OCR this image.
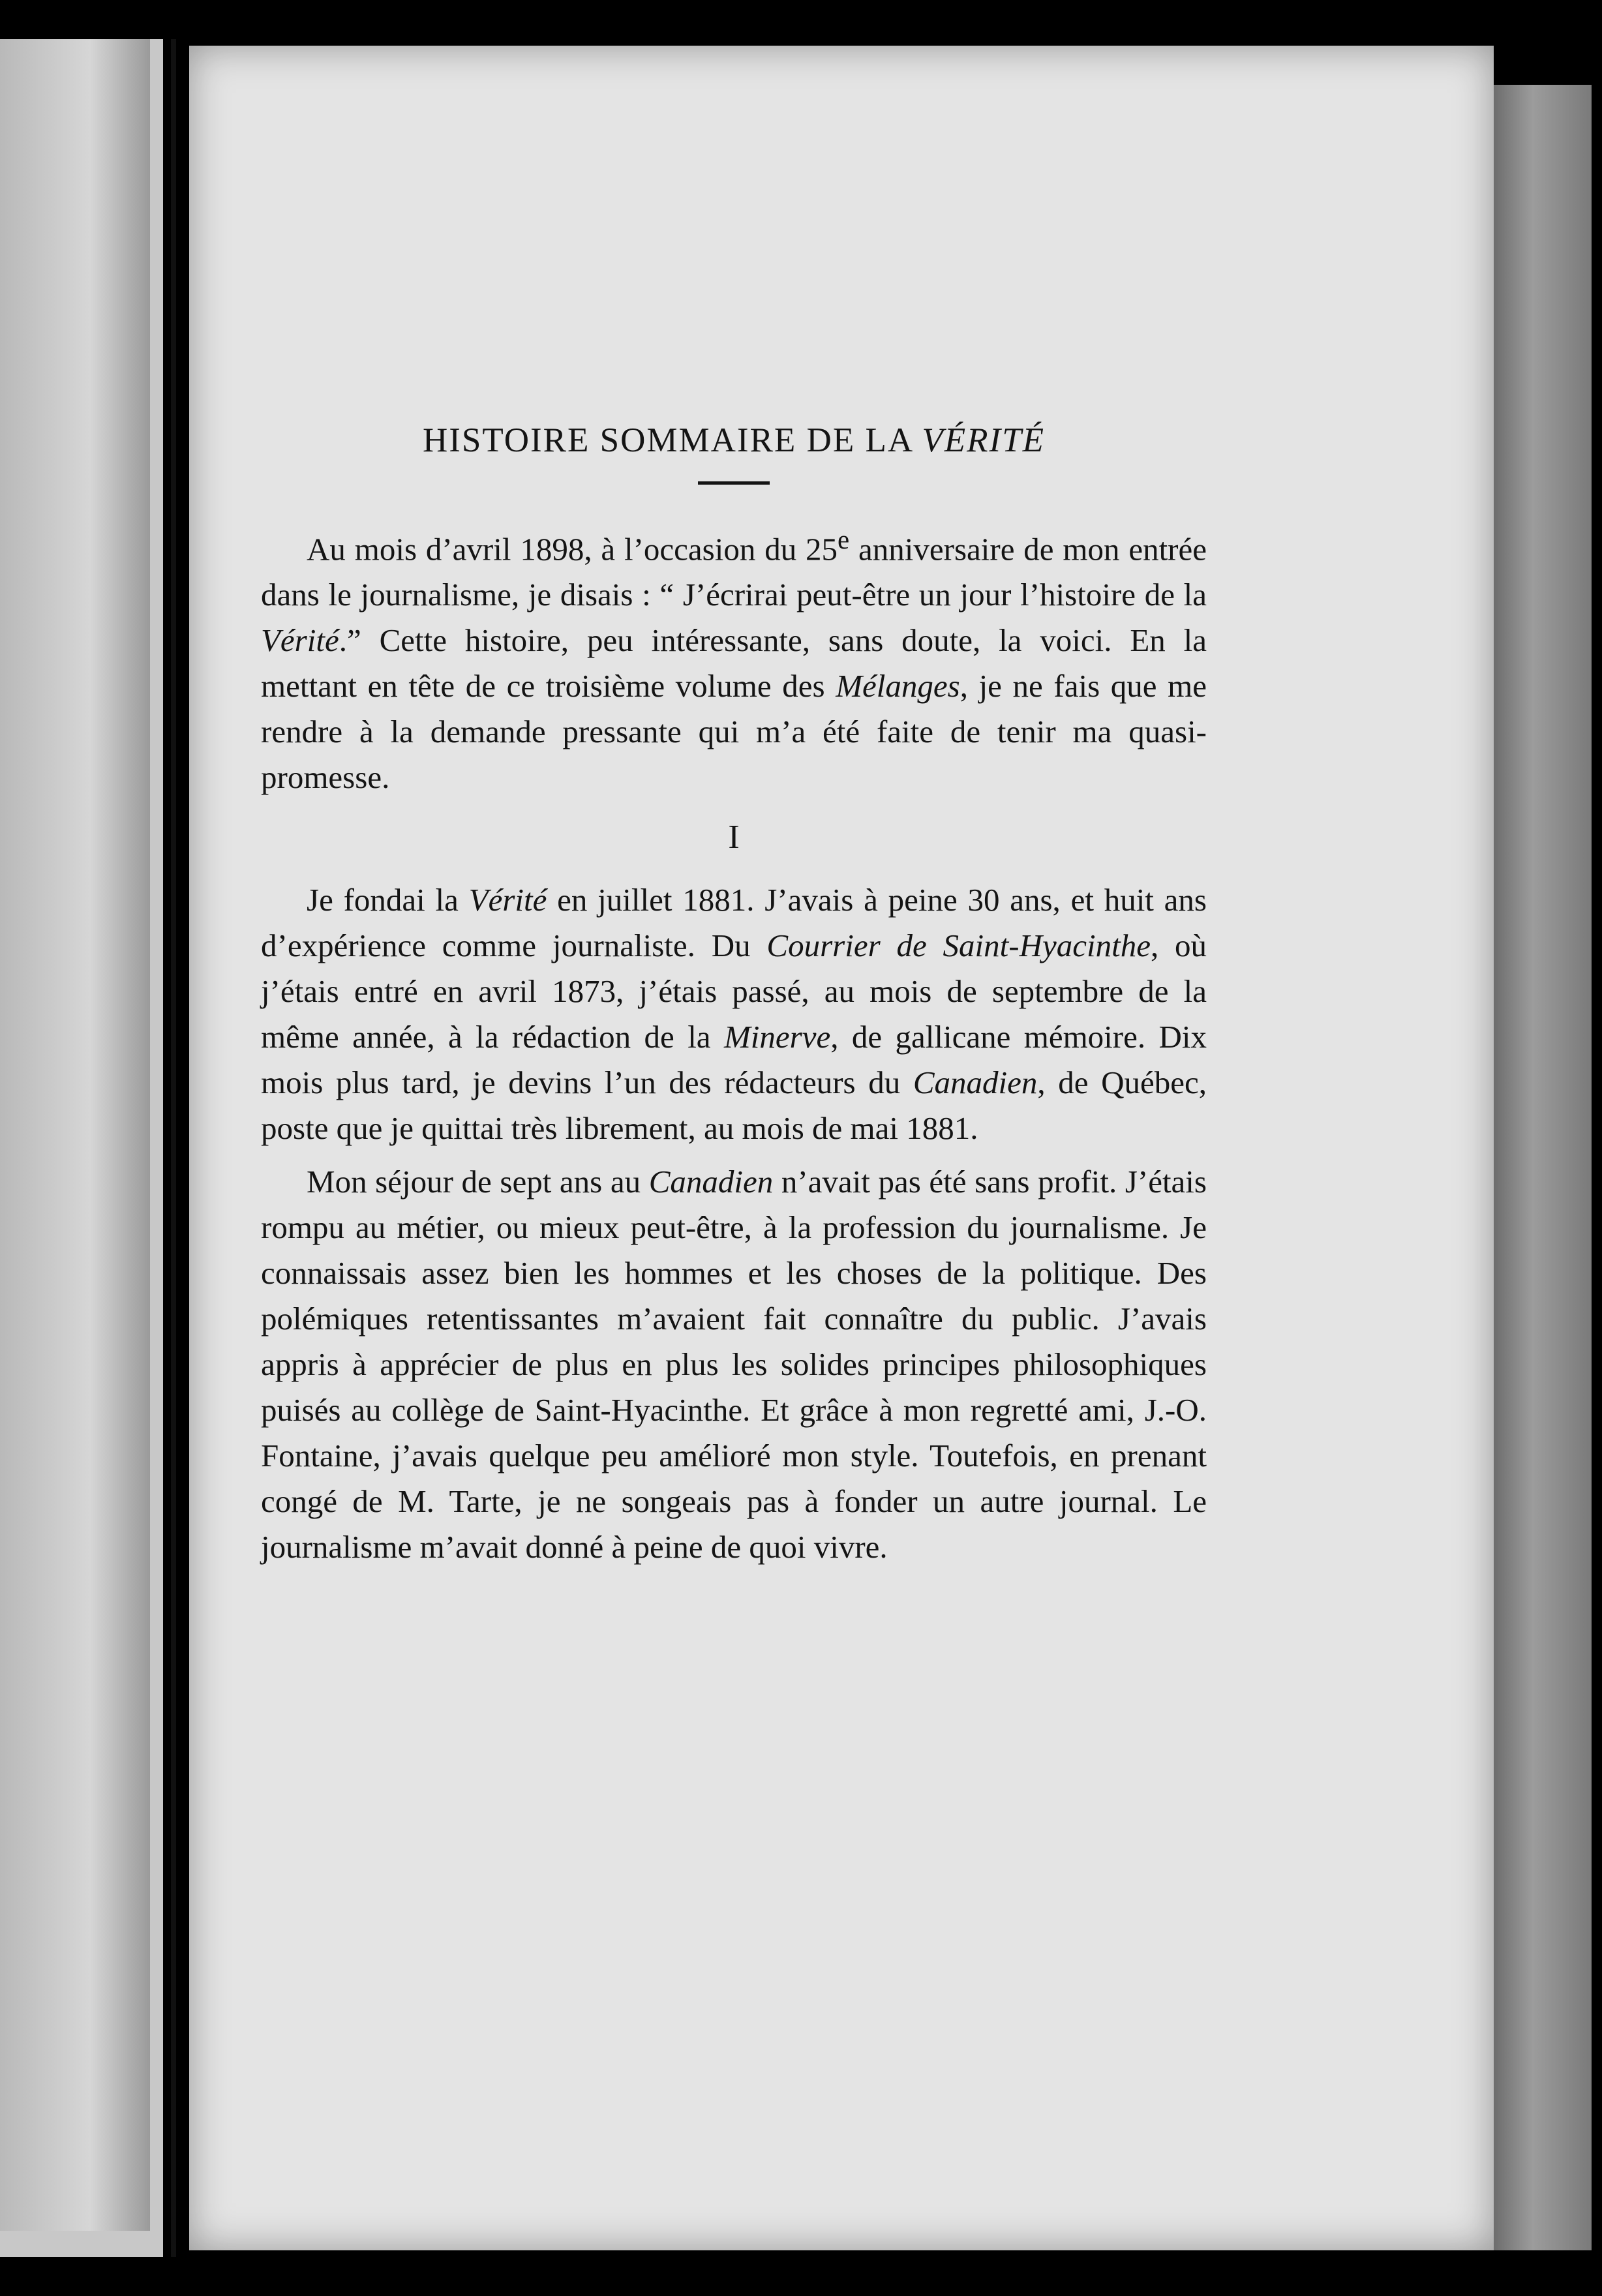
HISTOIRE SOMMAIRE DE LA VÉRITÉ

Au mois d’avril 1898, à l’occasion du 25e anniversaire de mon entrée dans le journalisme, je disais : “ J’écrirai peut-être un jour l’histoire de la Vérité.” Cette histoire, peu intéressante, sans doute, la voici. En la mettant en tête de ce troisième volume des Mélanges, je ne fais que me rendre à la demande pressante qui m’a été faite de tenir ma quasi-promesse.

I

Je fondai la Vérité en juillet 1881. J’avais à peine 30 ans, et huit ans d’expérience comme journaliste. Du Courrier de Saint-Hyacinthe, où j’étais entré en avril 1873, j’étais passé, au mois de septembre de la même année, à la rédaction de la Minerve, de gallicane mémoire. Dix mois plus tard, je devins l’un des rédacteurs du Canadien, de Québec, poste que je quittai très librement, au mois de mai 1881.

Mon séjour de sept ans au Canadien n’avait pas été sans profit. J’étais rompu au métier, ou mieux peut-être, à la profession du journalisme. Je connaissais assez bien les hommes et les choses de la politique. Des polémiques retentissantes m’avaient fait connaître du public. J’avais appris à apprécier de plus en plus les solides principes philosophiques puisés au collège de Saint-Hyacinthe. Et grâce à mon regretté ami, J.-O. Fontaine, j’avais quelque peu amélioré mon style. Toutefois, en prenant congé de M. Tarte, je ne songeais pas à fonder un autre journal. Le journalisme m’avait donné à peine de quoi vivre.
